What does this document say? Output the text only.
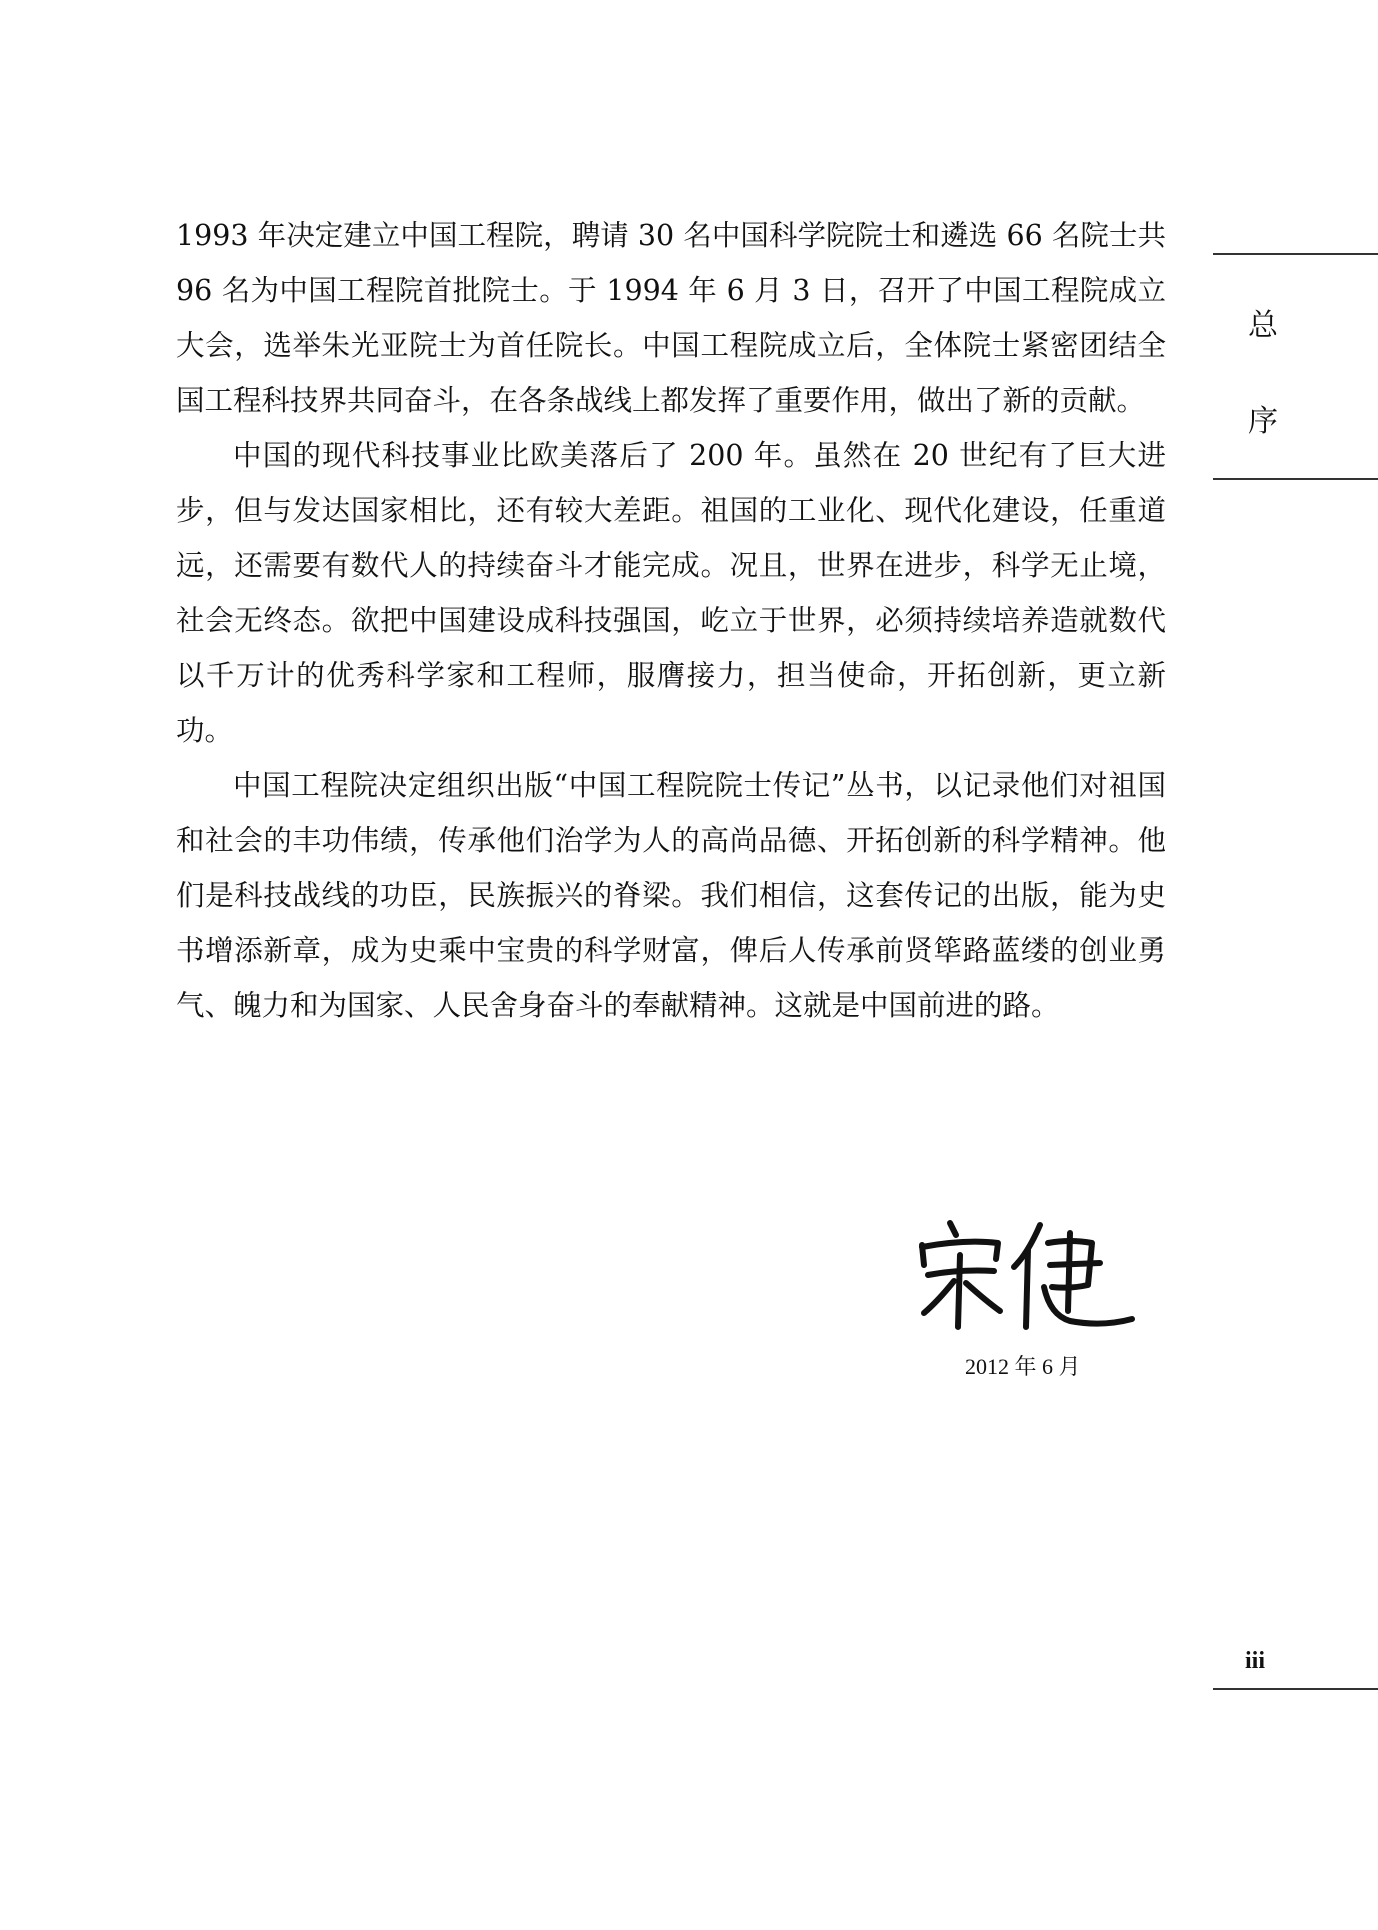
1993 年决定建立中国工程院，聘请 30 名中国科学院院士和遴选 66 名院士共 96 名为中国工程院首批院士。于 1994 年 6 月 3 日，召开了中国工程院成立大会，选举朱光亚院士为首任院长。中国工程院成立后，全体院士紧密团结全国工程科技界共同奋斗，在各条战线上都发挥了重要作用，做出了新的贡献。

中国的现代科技事业比欧美落后了 200 年。虽然在 20 世纪有了巨大进步，但与发达国家相比，还有较大差距。祖国的工业化、现代化建设，任重道远，还需要有数代人的持续奋斗才能完成。况且，世界在进步，科学无止境，社会无终态。欲把中国建设成科技强国，屹立于世界，必须持续培养造就数代以千万计的优秀科学家和工程师，服膺接力，担当使命，开拓创新，更立新功。

中国工程院决定组织出版“中国工程院院士传记”丛书，以记录他们对祖国和社会的丰功伟绩，传承他们治学为人的高尚品德、开拓创新的科学精神。他们是科技战线的功臣，民族振兴的脊梁。我们相信，这套传记的出版，能为史书增添新章，成为史乘中宝贵的科学财富，俾后人传承前贤筚路蓝缕的创业勇气、魄力和为国家、人民舍身奋斗的奉献精神。这就是中国前进的路。

总
序
2012 年 6 月
iii
